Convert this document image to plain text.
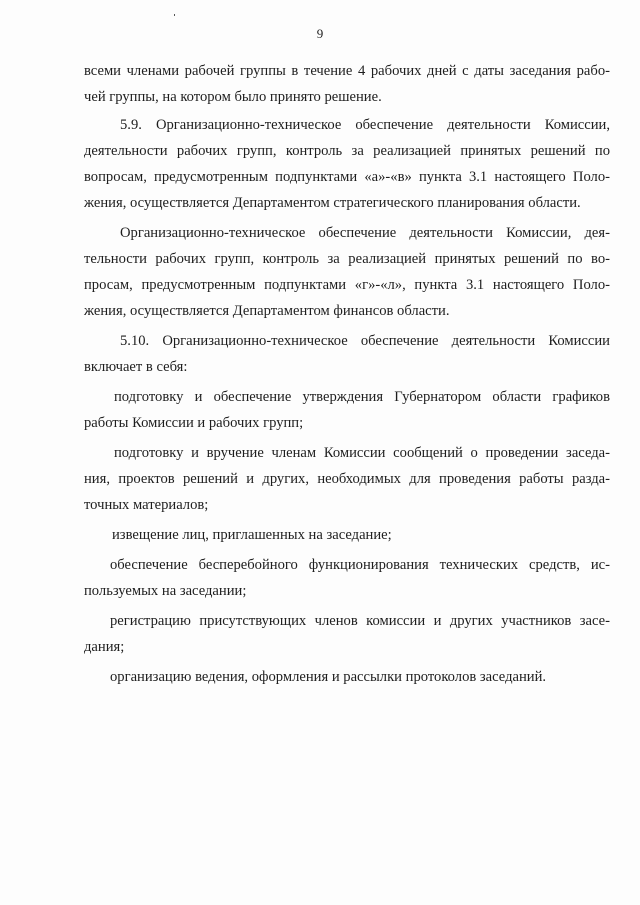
9
всеми членами рабочей группы в течение 4 рабочих дней с даты заседания рабо-
чей группы, на котором было принято решение.
5.9. Организационно-техническое обеспечение деятельности Комиссии,
деятельности рабочих групп, контроль за реализацией принятых решений по
вопросам, предусмотренным подпунктами «а»-«в» пункта 3.1 настоящего Поло-
жения, осуществляется Департаментом стратегического планирования области.
Организационно-техническое обеспечение деятельности Комиссии, дея-
тельности рабочих групп, контроль за реализацией принятых решений по во-
просам, предусмотренным подпунктами «г»-«л», пункта 3.1 настоящего Поло-
жения, осуществляется Департаментом финансов области.
5.10. Организационно-техническое обеспечение деятельности Комиссии
включает в себя:
подготовку и обеспечение утверждения Губернатором области графиков
работы Комиссии и рабочих групп;
подготовку и вручение членам Комиссии сообщений о проведении заседа-
ния, проектов решений и других, необходимых для проведения работы разда-
точных материалов;
извещение лиц, приглашенных на заседание;
обеспечение бесперебойного функционирования технических средств, ис-
пользуемых на заседании;
регистрацию присутствующих членов комиссии и других участников засе-
дания;
организацию ведения, оформления и рассылки протоколов заседаний.
